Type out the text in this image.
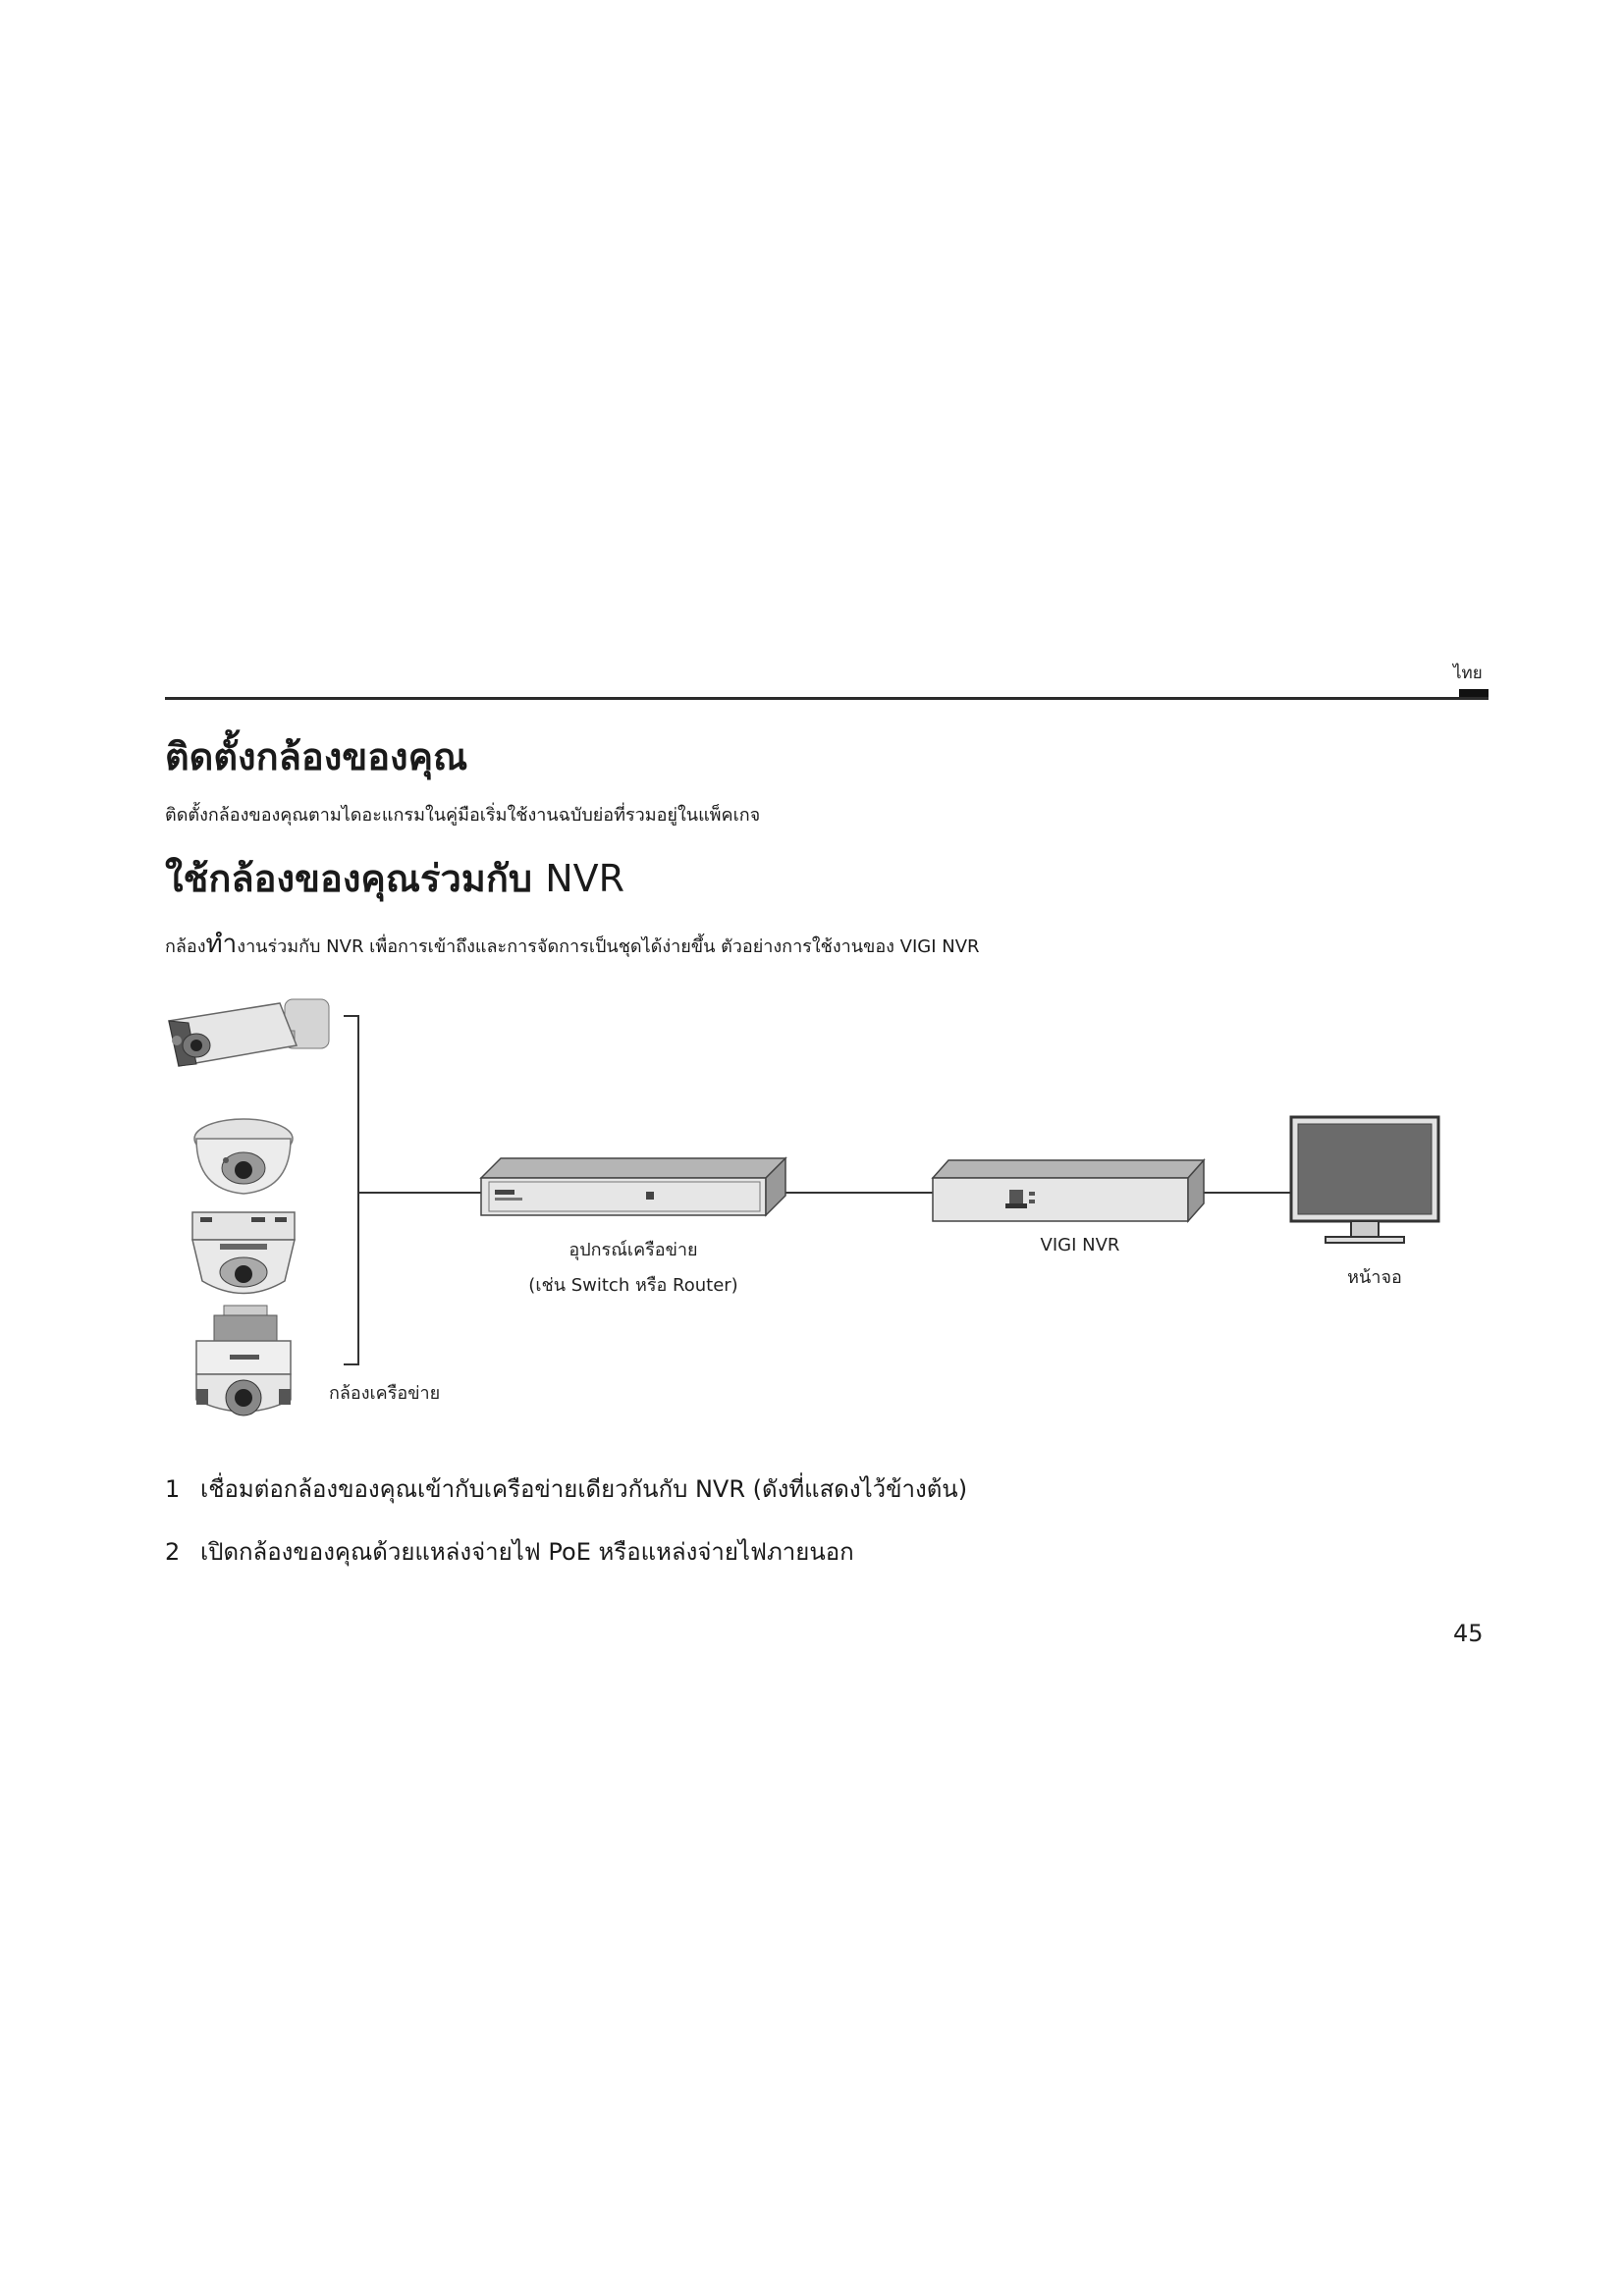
ไทย
ติดตั้งกล้องของคุณ

ติดตั้งกล้องของคุณตามไดอะแกรมในคู่มือเริ่มใช้งานฉบับย่อที่รวมอยู่ในแพ็คเกจ

ใช้กล้องของคุณร่วมกับ NVR

กล้องทำงานร่วมกับ NVR เพื่อการเข้าถึงและการจัดการเป็นชุดได้ง่ายขึ้น ตัวอย่างการใช้งานของ VIGI NVR

อุปกรณ์เครือข่าย
(เช่น Switch หรือ Router)
VIGI NVR
หน้าจอ
กล้องเครือข่าย

1 เชื่อมต่อกล้องของคุณเข้ากับเครือข่ายเดียวกันกับ NVR (ดังที่แสดงไว้ข้างต้น)

2 เปิดกล้องของคุณด้วยแหล่งจ่ายไฟ PoE หรือแหล่งจ่ายไฟภายนอก

45
